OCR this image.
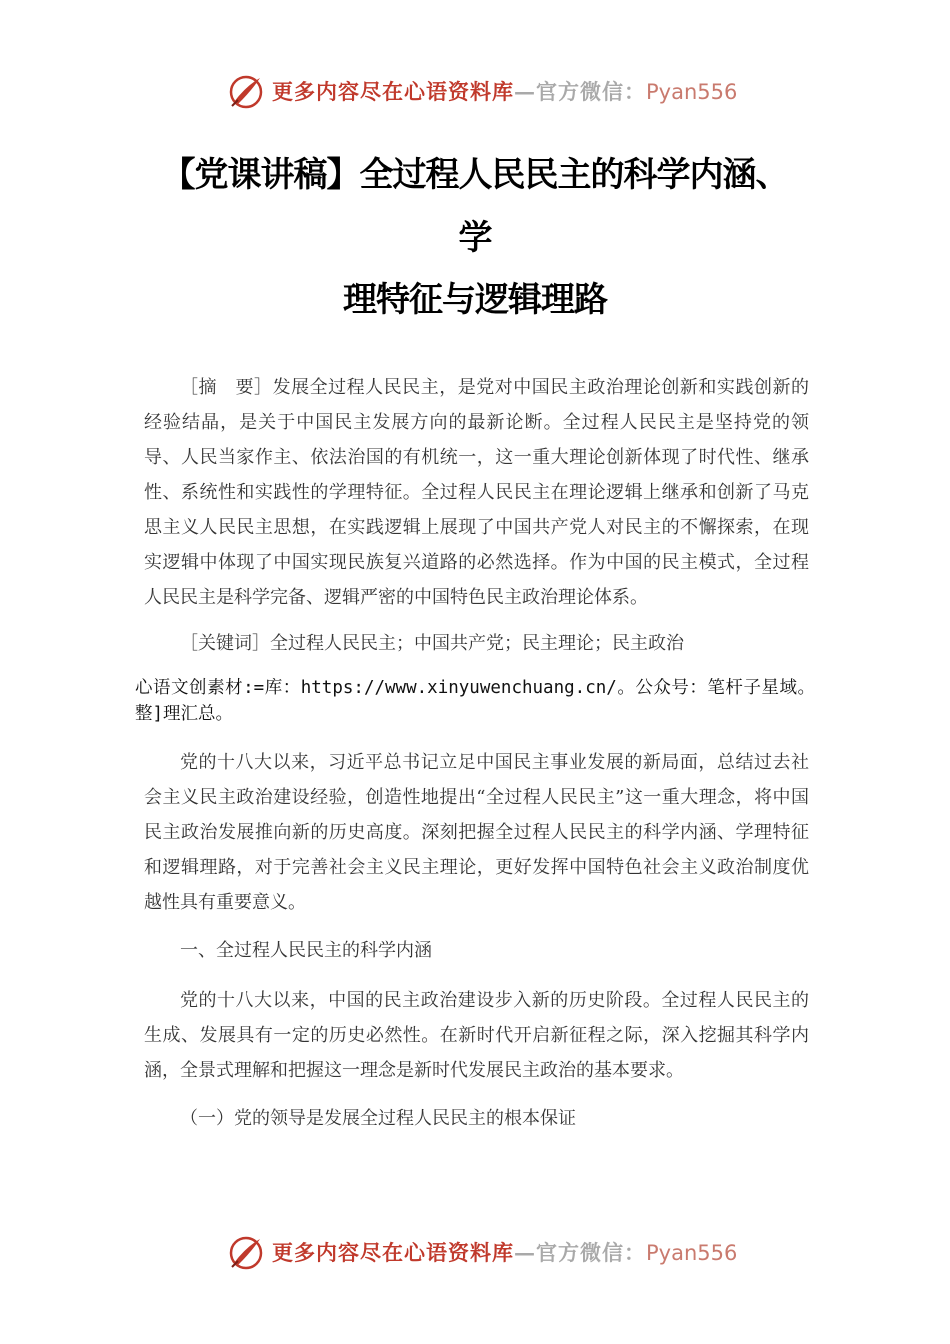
更多内容尽在心语资料库—官方微信：Pyan556
【党课讲稿】全过程人民民主的科学内涵、
学
理特征与逻辑理路

［摘　要］发展全过程人民民主，是党对中国民主政治理论创新和实践创新的经验结晶，是关于中国民主发展方向的最新论断。全过程人民民主是坚持党的领导、人民当家作主、依法治国的有机统一，这一重大理论创新体现了时代性、继承性、系统性和实践性的学理特征。全过程人民民主在理论逻辑上继承和创新了马克思主义人民民主思想，在实践逻辑上展现了中国共产党人对民主的不懈探索，在现实逻辑中体现了中国实现民族复兴道路的必然选择。作为中国的民主模式，全过程人民民主是科学完备、逻辑严密的中国特色民主政治理论体系。

［关键词］全过程人民民主；中国共产党；民主理论；民主政治

心语文创素材:=库：https://www.xinyuwenchuang.cn/。公众号：笔杆子星域。整]理汇总。

党的十八大以来，习近平总书记立足中国民主事业发展的新局面，总结过去社会主义民主政治建设经验，创造性地提出“全过程人民民主”这一重大理念，将中国民主政治发展推向新的历史高度。深刻把握全过程人民民主的科学内涵、学理特征和逻辑理路，对于完善社会主义民主理论，更好发挥中国特色社会主义政治制度优越性具有重要意义。

一、全过程人民民主的科学内涵

党的十八大以来，中国的民主政治建设步入新的历史阶段。全过程人民民主的生成、发展具有一定的历史必然性。在新时代开启新征程之际，深入挖掘其科学内涵，全景式理解和把握这一理念是新时代发展民主政治的基本要求。

（一）党的领导是发展全过程人民民主的根本保证

更多内容尽在心语资料库—官方微信：Pyan556
